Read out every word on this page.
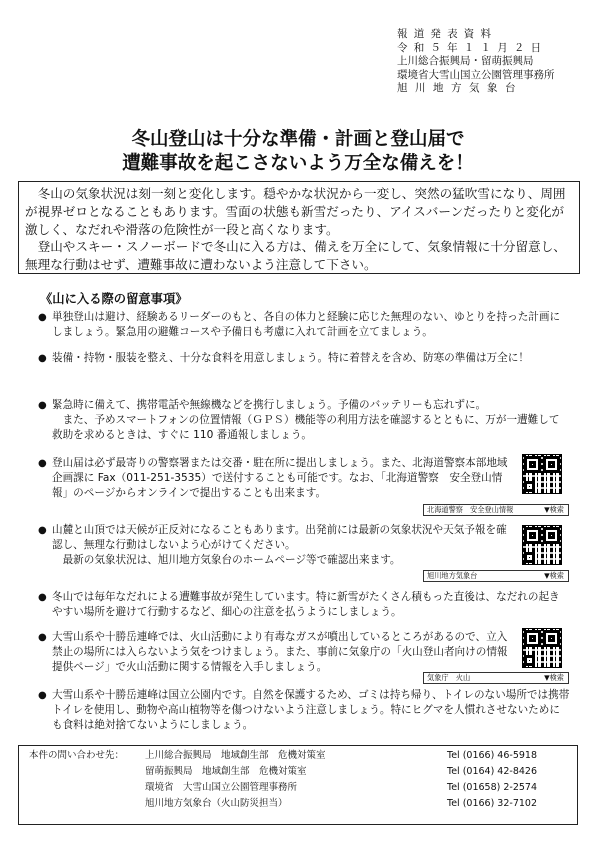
報道発表資料
令和５年１１月２日
上川総合振興局・留萌振興局
環境省大雪山国立公園管理事務所
旭川地方気象台
冬山登山は十分な準備・計画と登山届で
遭難事故を起こさないよう万全な備えを！

冬山の気象状況は刻一刻と変化します。穏やかな状況から一変し、突然の猛吹雪になり、周囲が視界ゼロとなることもあります。雪面の状態も新雪だったり、アイスバーンだったりと変化が激しく、なだれや滑落の危険性が一段と高くなります。

登山やスキー・スノーボードで冬山に入る方は、備えを万全にして、気象情報に十分留意し、無理な行動はせず、遭難事故に遭わないよう注意して下さい。

《山に入る際の留意事項》
● 単独登山は避け、経験あるリーダーのもと、各自の体力と経験に応じた無理のない、ゆとりを持った計画にしましょう。緊急用の避難コースや予備日も考慮に入れて計画を立てましょう。

● 装備・持物・服装を整え、十分な食料を用意しましょう。特に着替えを含め、防寒の準備は万全に！

● 緊急時に備えて、携帯電話や無線機などを携行しましょう。予備のバッテリーも忘れずに。

また、予めスマートフォンの位置情報（ＧＰＳ）機能等の利用方法を確認するとともに、万が一遭難して救助を求めるときは、すぐに 110 番通報しましょう。

● 登山届は必ず最寄りの警察署または交番・駐在所に提出しましょう。また、北海道警察本部地域企画課に Fax（011-251-3535）で送付することも可能です。なお、「北海道警察　安全登山情報」のページからオンラインで提出することも出来ます。

北海道警察　安全登山情報	▼検索
● 山麓と山頂では天候が正反対になることもあります。出発前には最新の気象状況や天気予報を確認し、無理な行動はしないよう心がけてください。

最新の気象状況は、旭川地方気象台のホームページ等で確認出来ます。

旭川地方気象台	▼検索
● 冬山では毎年なだれによる遭難事故が発生しています。特に新雪がたくさん積もった直後は、なだれの起きやすい場所を避けて行動するなど、細心の注意を払うようにしましょう。

● 大雪山系や十勝岳連峰では、火山活動により有毒なガスが噴出しているところがあるので、立入禁止の場所には入らないよう気をつけましょう。また、事前に気象庁の「火山登山者向けの情報提供ページ」で火山活動に関する情報を入手しましょう。

気象庁　火山	▼検索
● 大雪山系や十勝岳連峰は国立公園内です。自然を保護するため、ゴミは持ち帰り、トイレのない場所では携帯トイレを使用し、動物や高山植物等を傷つけないよう注意しましょう。特にヒグマを人慣れさせないためにも食料は絶対捨てないようにしましょう。

本件の問い合わせ先： 上川総合振興局　地域創生部　危機対策室	Tel (0166) 46-5918
留萌振興局　地域創生部　危機対策室	Tel (0164) 42-8426
環境省　大雪山国立公園管理事務所	Tel (01658) 2-2574
旭川地方気象台（火山防災担当）	Tel (0166) 32-7102
